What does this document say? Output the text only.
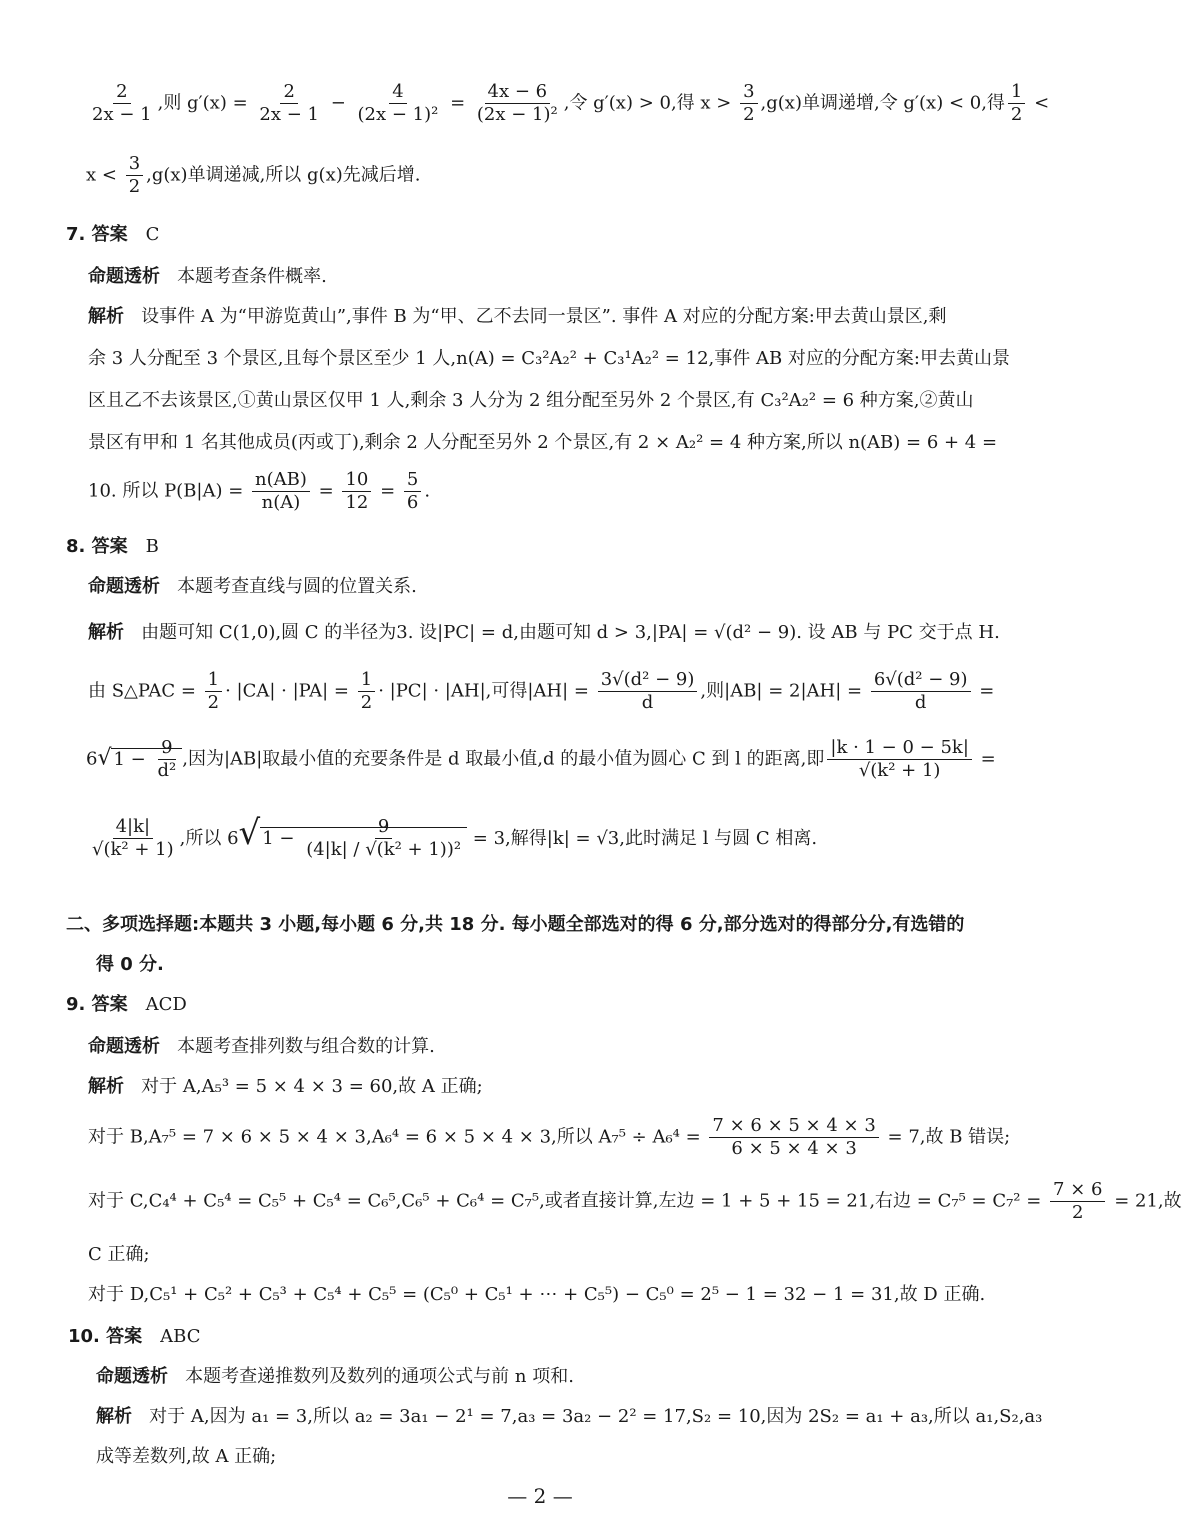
$\frac{2}{2x - 1}$ ,则 $g'(x) = \frac{2}{2x - 1} - \frac{4}{\text{(2x − 1)²}} = \frac{4x - 6}{\text{(2x − 1)²}}$ ,令 g′(x) > 0,得 $x > \frac{3}{2} ,g(x)$单调递增,令 g′(x) < 0,得 $\frac{1}{2}$ <
$x < \frac{3}{2} ,g(x)$单调递减,所以 g(x)先减后增.
7. 答案 C
命题透析 本题考查条件概率.
解析 设事件 A 为“甲游览黄山”,事件 B 为“甲、乙不去同一景区”. 事件 A 对应的分配方案:甲去黄山景区,剩
余 3 人分配至 3 个景区,且每个景区至少 1 人,n(A) = C₃²A₂² + C₃¹A₂² = 12,事件 AB 对应的分配方案:甲去黄山景
区且乙不去该景区,①黄山景区仅甲 1 人,剩余 3 人分为 2 组分配至另外 2 个景区,有 C₃²A₂² = 6 种方案,②黄山
景区有甲和 1 名其他成员(丙或丁),剩余 2 人分配至另外 2 个景区,有 2 × A₂² = 4 种方案,所以 n(AB) = 6 + 4 =
10. 所以 $P(B|A) = \frac{n(AB)}{n(A)} = \frac{10}{12} = \frac{5}{6}$ .
8. 答案 B
命题透析 本题考查直线与圆的位置关系.
解析 由题可知 C(1,0),圆 C 的半径为3. 设|PC| = d,由题可知 d > 3,|PA| = √(d² − 9). 设 AB 与 PC 交于点 H.
由 S△PAC = $\frac{1}{2} \cdot |CA| \cdot |PA| = \frac{1}{2} \cdot |PC| \cdot |AH|$,可得$|AH| = \frac{\text{3√(d² − 9)}}{d}$ ,则$|AB| = 2|AH| = \frac{\text{6√(d² − 9)}}{d}$ =
6√ $1 - \frac{9}{\text{d²}}$ ,因为|AB|取最小值的充要条件是 d 取最小值,d 的最小值为圆心 C 到 l 的距离,即 $\frac{|k \cdot 1 - 0 - 5k|}{\text{√(k² + 1)}}$ =
$\frac{4|k|}{\text{√(k² + 1)}}$ ,所以 6√ $1 - \frac{9}{\text{(4|k| / √(k² + 1))²}} = 3$,解得|k| = √3,此时满足 l 与圆 C 相离.
二、多项选择题:本题共 3 小题,每小题 6 分,共 18 分. 每小题全部选对的得 6 分,部分选对的得部分分,有选错的
得 0 分.
9. 答案 ACD
命题透析 本题考查排列数与组合数的计算.
解析 对于 A,A₅³ = 5 × 4 × 3 = 60,故 A 正确;
对于 B,A₇⁵ = 7 × 6 × 5 × 4 × 3,A₆⁴ = 6 × 5 × 4 × 3,所以 $A_7^5 \div A_6^4 = \frac{7 \times 6 \times 5 \times 4 \times 3}{6 \times 5 \times 4 \times 3} = 7$,故 B 错误;
对于 C,C₄⁴ + C₅⁴ = C₅⁵ + C₅⁴ = C₆⁵,C₆⁵ + C₆⁴ = C₇⁵,或者直接计算,左边 = 1 + 5 + 15 = 21,右边 = $C_7^5 = C_7^2 = \frac{7 \times 6}{2} = 21$,故
C 正确;
对于 D,C₅¹ + C₅² + C₅³ + C₅⁴ + C₅⁵ = (C₅⁰ + C₅¹ + ⋯ + C₅⁵) − C₅⁰ = 2⁵ − 1 = 32 − 1 = 31,故 D 正确.
10. 答案 ABC
命题透析 本题考查递推数列及数列的通项公式与前 n 项和.
解析 对于 A,因为 a₁ = 3,所以 a₂ = 3a₁ − 2¹ = 7,a₃ = 3a₂ − 2² = 17,S₂ = 10,因为 2S₂ = a₁ + a₃,所以 a₁,S₂,a₃
成等差数列,故 A 正确;
— 2 —
